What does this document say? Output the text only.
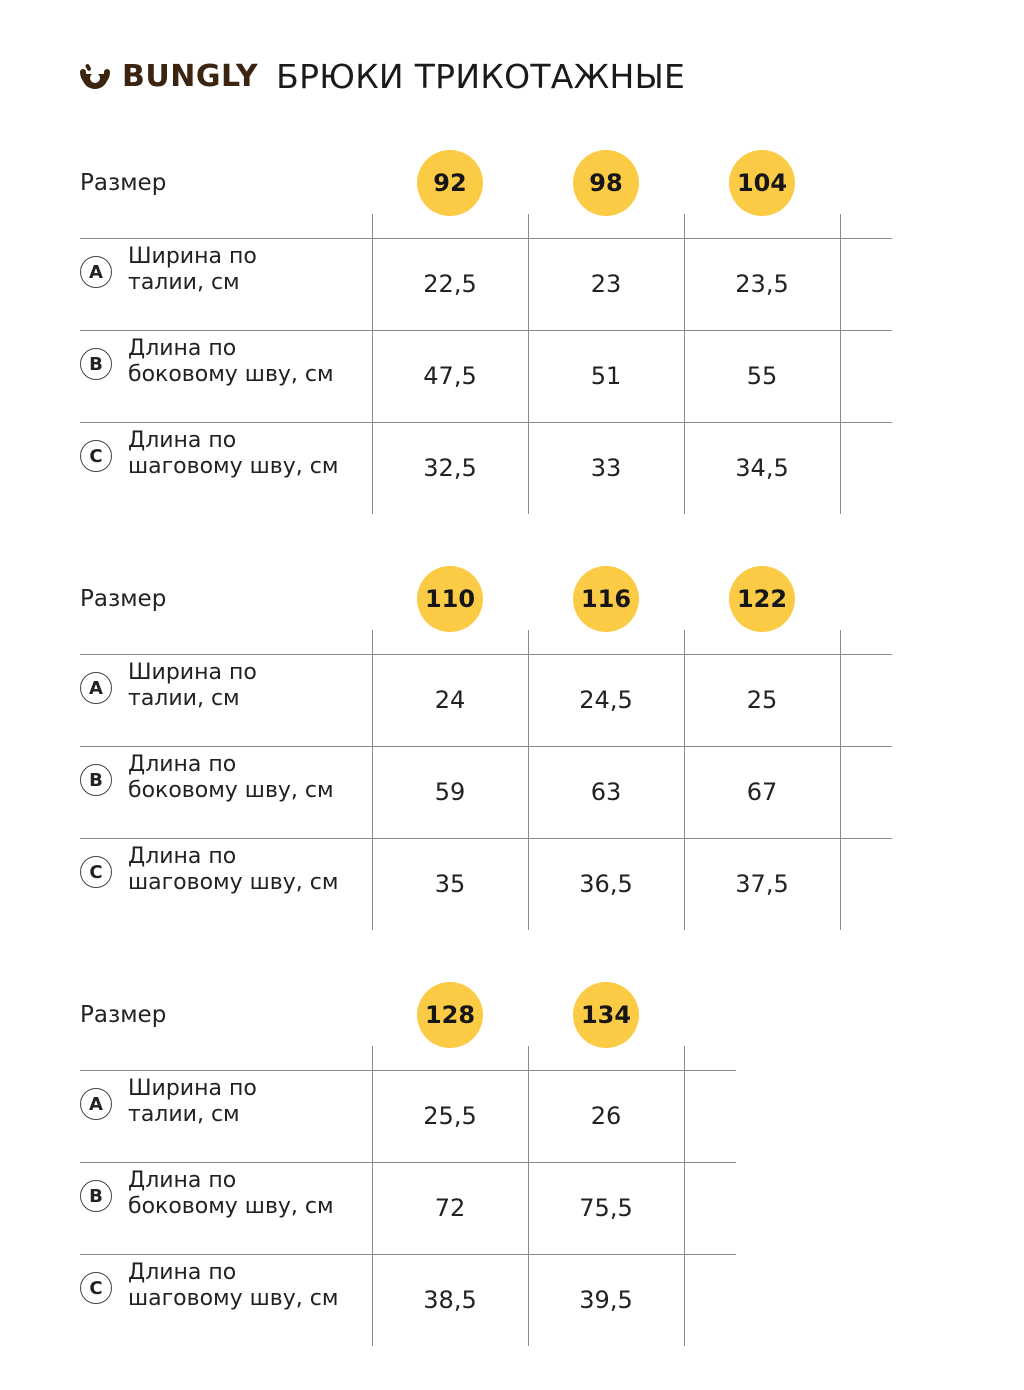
BUNGLY БРЮКИ ТРИКОТАЖНЫЕ
Размер	92	98	104
A
Ширина по
талии, см	22,5	23	23,5
B
Длина по
боковому шву, см	47,5	51	55
C
Длина по
шаговому шву, см	32,5	33	34,5
Размер	110	116	122
A
Ширина по
талии, см	24	24,5	25
B
Длина по
боковому шву, см	59	63	67
C
Длина по
шаговому шву, см	35	36,5	37,5
Размер	128	134
A
Ширина по
талии, см	25,5	26
B
Длина по
боковому шву, см	72	75,5
C
Длина по
шаговому шву, см	38,5	39,5
